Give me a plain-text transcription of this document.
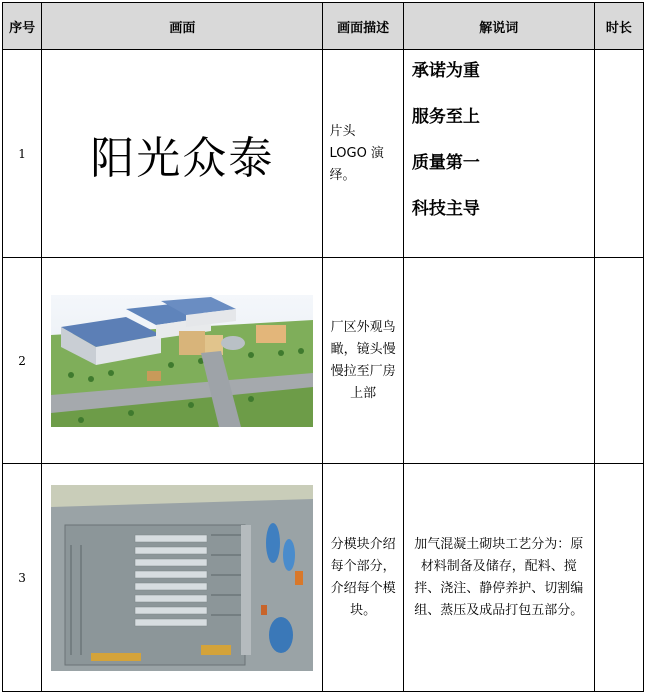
序号	画面	画面描述	解说词	时长
1	阳光众泰	片头 LOGO 演绎。	承诺为重
服务至上
质量第一
科技主导	

2		厂区外观鸟瞰，镜头慢慢拉至厂房上部		
3		分模块介绍每个部分，介绍每个模块。	加气混凝土砌块工艺分为：原材料制备及储存，配料、搅拌、浇注、静停养护、切割编组、蒸压及成品打包五部分。	
